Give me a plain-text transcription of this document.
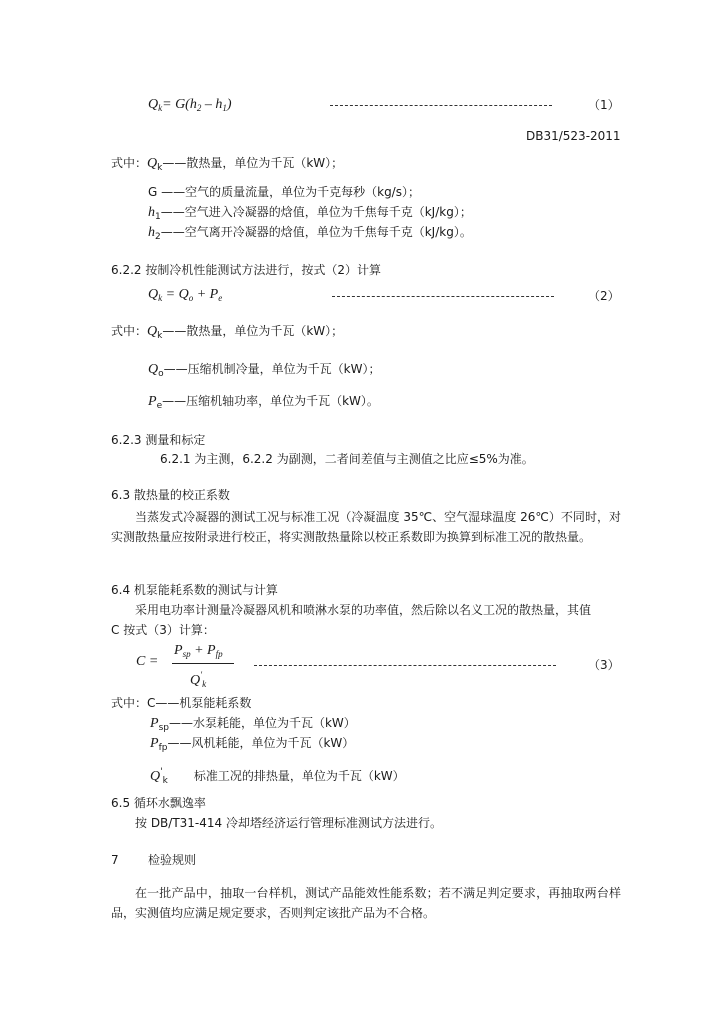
$Q_k= G(h_2 - h_1)$	（1）
DB31/523-2011
式中：$Q_k——$散热量，单位为千瓦（kW）；
G ——空气的质量流量，单位为千克每秒（kg/s）；
$h_1——$空气进入冷凝器的焓值，单位为千焦每千克（kJ/kg）；
$h_2——$空气离开冷凝器的焓值，单位为千焦每千克（kJ/kg）。
6.2.2 按制冷机性能测试方法进行，按式（2）计算
$Q_k = Q_o + P_e$	（2）
式中：$Q_k——$散热量，单位为千瓦（kW）；
$Q_o——$压缩机制冷量，单位为千瓦（kW）；
$P_e——$压缩机轴功率，单位为千瓦（kW）。
6.2.3 测量和标定
6.2.1 为主测，6.2.2 为副测，二者间差值与主测值之比应≤5%为准。
6.3 散热量的校正系数
当蒸发式冷凝器的测试工况与标准工况（冷凝温度 35℃、空气湿球温度 26℃）不同时，对实测散热量应按附录进行校正，将实测散热量除以校正系数即为换算到标准工况的散热量。
6.4 机泵能耗系数的测试与计算
采用电功率计测量冷凝器风机和喷淋水泵的功率值，然后除以名义工况的散热量，其值
C 按式（3）计算：
C =
$P_{sp} + P_{fp}$
$Q'_k$
（3）
式中：C——机泵能耗系数
$P_{sp}——$水泵耗能，单位为千瓦（kW）
$P_{fp}——$风机耗能，单位为千瓦（kW）
$Q'_k$ 标准工况的排热量，单位为千瓦（kW）
6.5 循环水飘逸率
按 DB/T31-414 冷却塔经济运行管理标准测试方法进行。
7 检验规则
在一批产品中，抽取一台样机，测试产品能效性能系数；若不满足判定要求，再抽取两台样品，实测值均应满足规定要求，否则判定该批产品为不合格。
